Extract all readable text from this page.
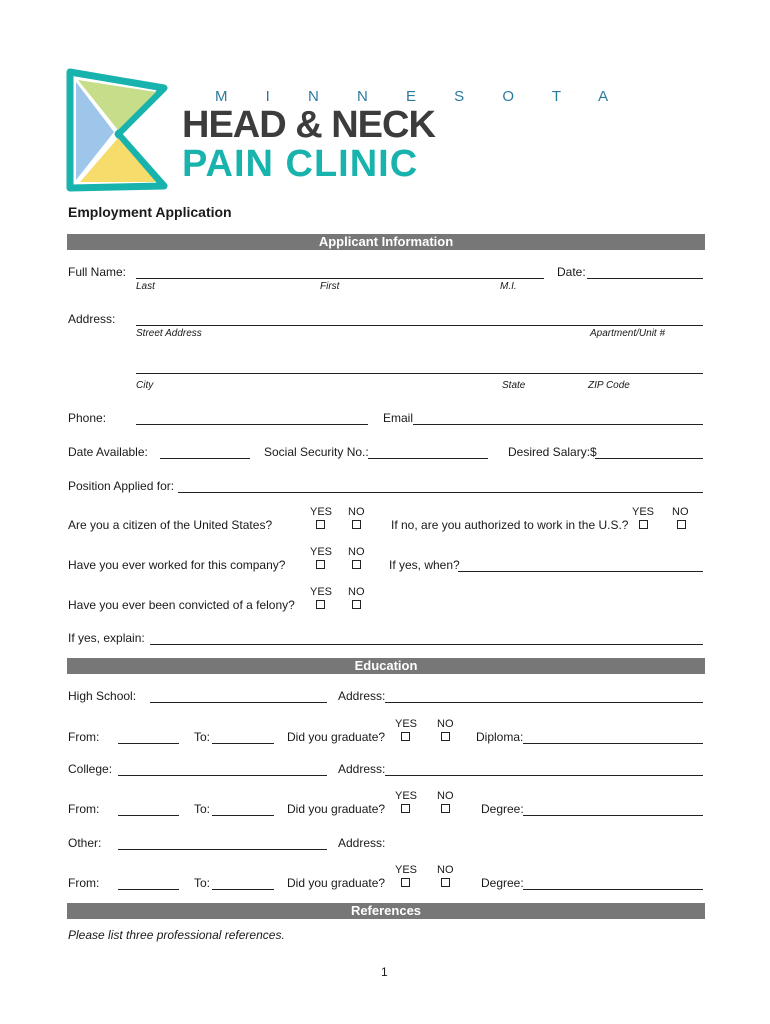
M I N N E S O T A
HEAD & NECK
PAIN CLINIC
Employment Application
Applicant Information
Full Name:
Last	First	M.I.
Date:
Address:
Street Address	Apartment/Unit #
City	State	ZIP Code
Phone:	Email
Date Available:	Social Security No.:	Desired Salary:$
Position Applied for:
YES NO
Are you a citizen of the United States?
YES NO
If no, are you authorized to work in the U.S.?
YES NO
Have you ever worked for this company?	If yes, when?
YES NO
Have you ever been convicted of a felony?
If yes, explain:
Education
High School:	Address:
YES NO
From:	To:	Did you graduate?	Diploma:
College:	Address:
YES NO
From:	To:	Did you graduate?	Degree:
Other:	Address:
YES NO
From:	To:	Did you graduate?	Degree:
References
Please list three professional references.
1
